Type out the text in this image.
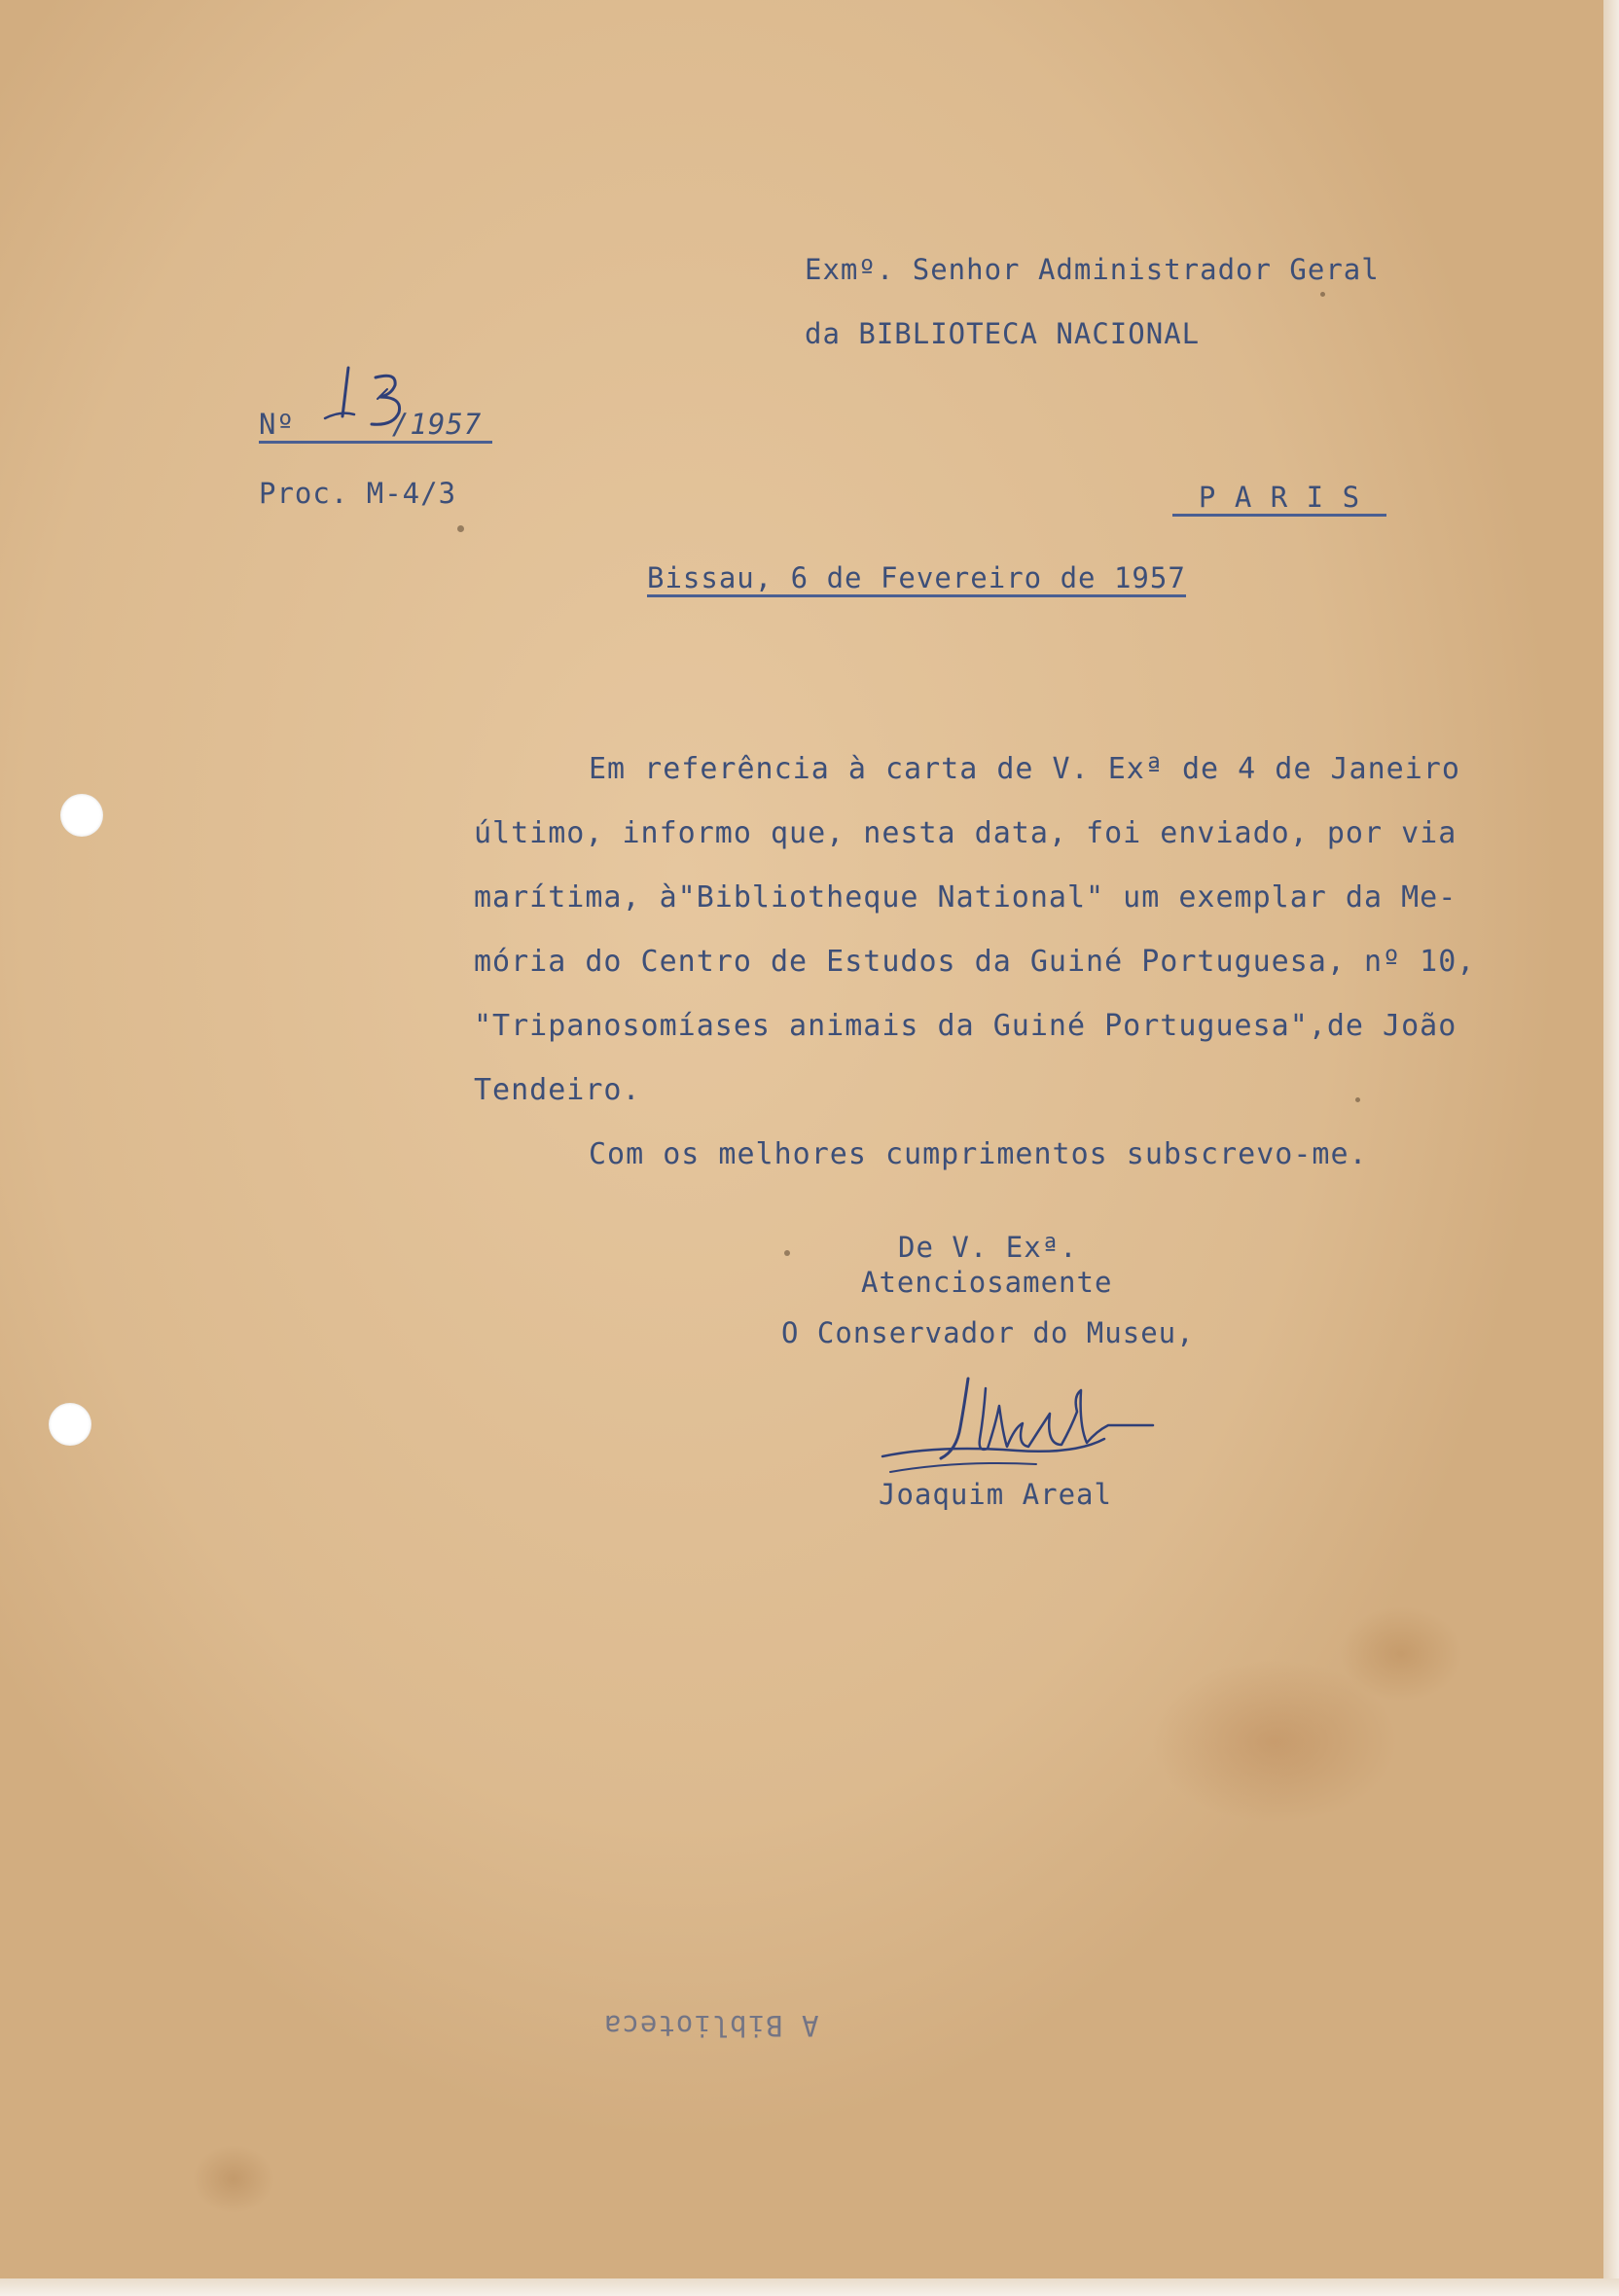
Exmº. Senhor Administrador Geral
da BIBLIOTECA NACIONAL
Nº	/1957
Proc. M-4/3	P A R I S
Bissau, 6 de Fevereiro de 1957
Em referência à carta de V. Exª de 4 de Janeiro
último, informo que, nesta data, foi enviado, por via
marítima, à"Bibliotheque National" um exemplar da Me-
mória do Centro de Estudos da Guiné Portuguesa, nº 10,
"Tripanosomíases animais da Guiné Portuguesa",de João
Tendeiro.
Com os melhores cumprimentos subscrevo-me.
De V. Exª.
Atenciosamente
O Conservador do Museu,
Joaquim Areal
A Biblioteca
